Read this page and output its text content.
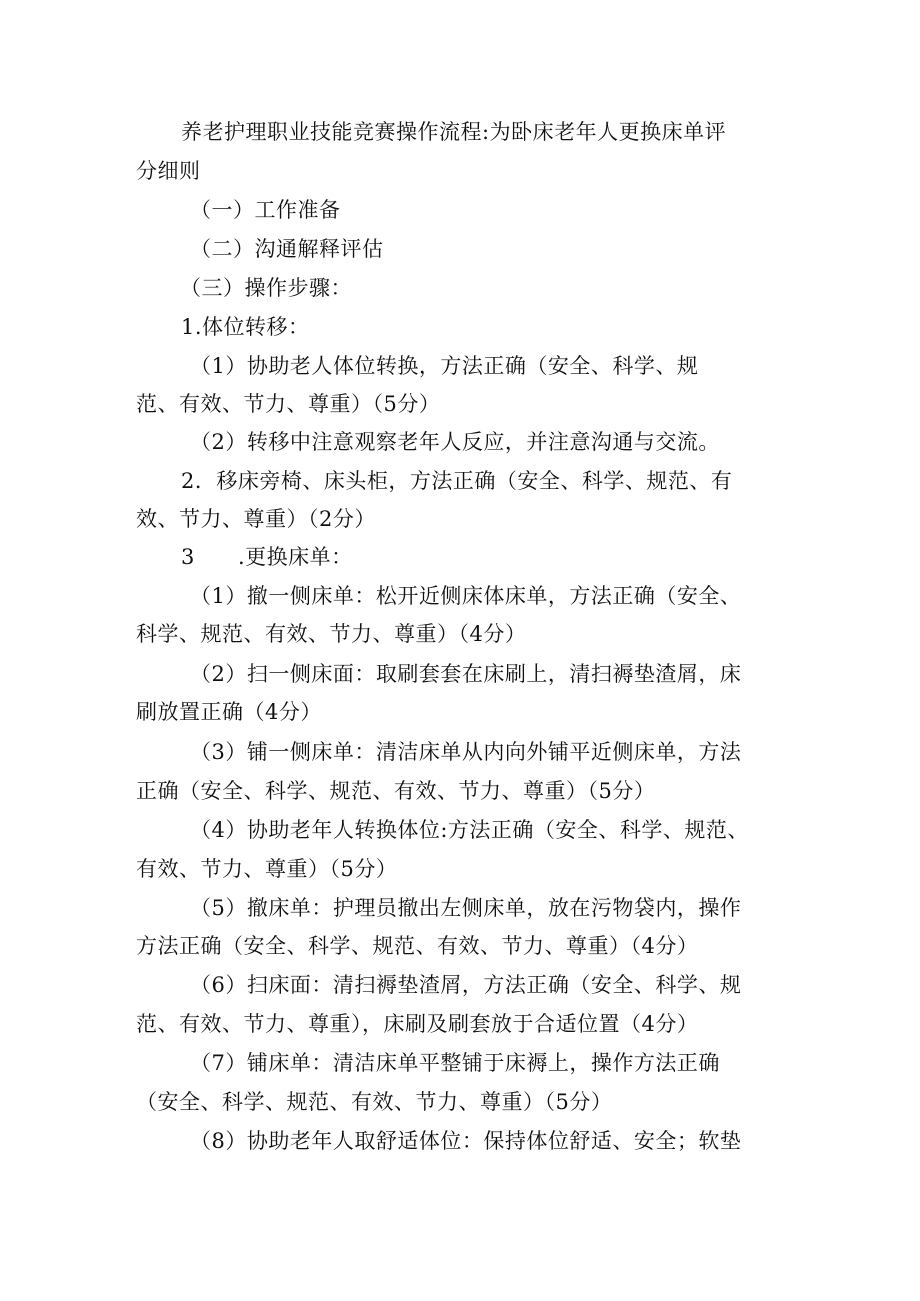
养老护理职业技能竞赛操作流程:为卧床老年人更换床单评
分细则
（一）工作准备
（二）沟通解释评估
（三）操作步骤：
1.体位转移：
（1）协助老人体位转换，方法正确（安全、科学、规
范、有效、节力、尊重）（5分）
（2）转移中注意观察老年人反应，并注意沟通与交流。
2．移床旁椅、床头柜，方法正确（安全、科学、规范、有
效、节力、尊重）（2分）
3 .更换床单：
（1）撤一侧床单：松开近侧床体床单，方法正确（安全、
科学、规范、有效、节力、尊重）（4分）
（2）扫一侧床面：取刷套套在床刷上，清扫褥垫渣屑，床
刷放置正确（4分）
（3）铺一侧床单：清洁床单从内向外铺平近侧床单，方法
正确（安全、科学、规范、有效、节力、尊重）（5分）
（4）协助老年人转换体位:方法正确（安全、科学、规范、
有效、节力、尊重）（5分）
（5）撤床单：护理员撤出左侧床单，放在污物袋内，操作
方法正确（安全、科学、规范、有效、节力、尊重）（4分）
（6）扫床面：清扫褥垫渣屑，方法正确（安全、科学、规
范、有效、节力、尊重），床刷及刷套放于合适位置（4分）
（7）铺床单：清洁床单平整铺于床褥上，操作方法正确
（安全、科学、规范、有效、节力、尊重）（5分）
（8）协助老年人取舒适体位：保持体位舒适、安全；软垫
